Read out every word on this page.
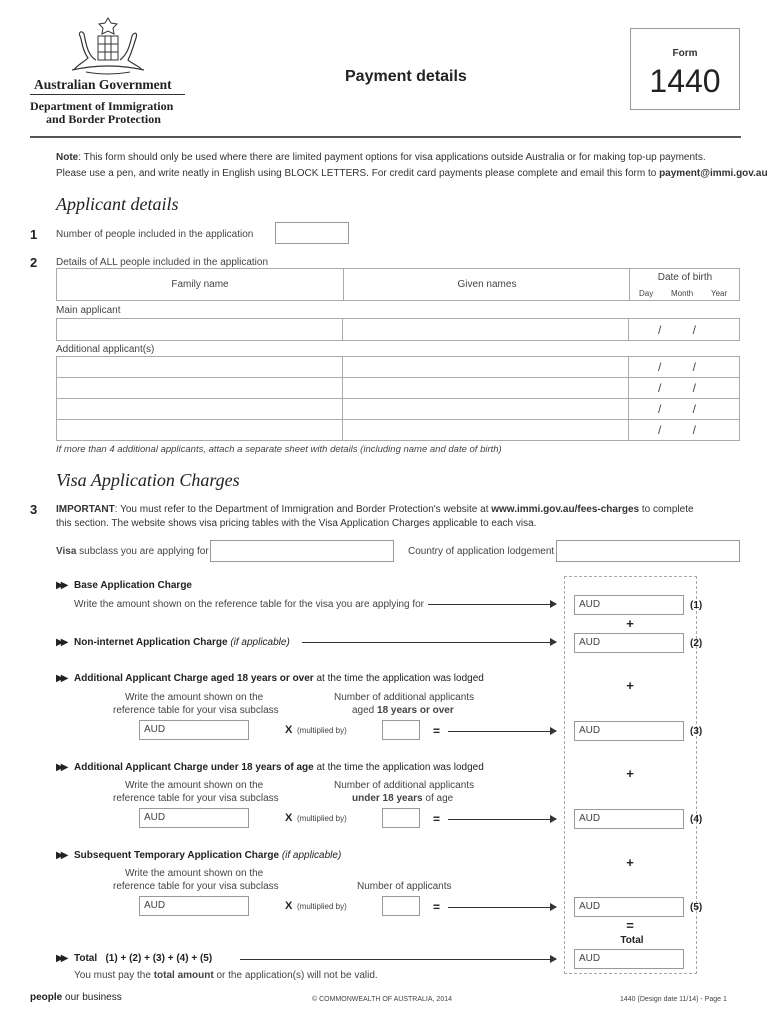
Australian Government
Department of Immigration
and Border Protection
Payment details
Form
1440
Note: This form should only be used where there are limited payment options for visa applications outside Australia or for making top-up payments.
Please use a pen, and write neatly in English using BLOCK LETTERS. For credit card payments please complete and email this form to payment@immi.gov.au
Applicant details
1 Number of people included in the application
2 Details of ALL people included in the application
Family name	Given names
Date of birth
Day Month Year
Main applicant
		/ /
Additional applicant(s)
		/ /
		/ /
		/ /
		/ /
If more than 4 additional applicants, attach a separate sheet with details (including name and date of birth)
Visa Application Charges
3 IMPORTANT: You must refer to the Department of Immigration and Border Protection's website at www.immi.gov.au/fees-charges to complete
this section. The website shows visa pricing tables with the Visa Application Charges applicable to each visa.
Visa subclass you are applying for	Country of application lodgement
▶▶ Base Application Charge
Write the amount shown on the reference table for the visa you are applying for	AUD	(1)
+
▶▶ Non-internet Application Charge (if applicable)	AUD	(2)
▶▶ Additional Applicant Charge aged 18 years or over at the time the application was lodged	+
Write the amount shown on the
reference table for your visa subclass
Number of additional applicants
aged 18 years or over
AUD	X (multiplied by)	=	AUD	(3)
▶▶ Additional Applicant Charge under 18 years of age at the time the application was lodged	+
Write the amount shown on the
reference table for your visa subclass
Number of additional applicants
under 18 years of age
AUD	X (multiplied by)	=	AUD	(4)
▶▶ Subsequent Temporary Application Charge (if applicable)	+
Write the amount shown on the
reference table for your visa subclass	Number of applicants
AUD	X (multiplied by)	=	AUD	(5)
=
Total
▶▶ Total   (1) + (2) + (3) + (4) + (5)	AUD
You must pay the total amount or the application(s) will not be valid.
people our business	© COMMONWEALTH OF AUSTRALIA, 2014	1440 (Design date 11/14) - Page 1
